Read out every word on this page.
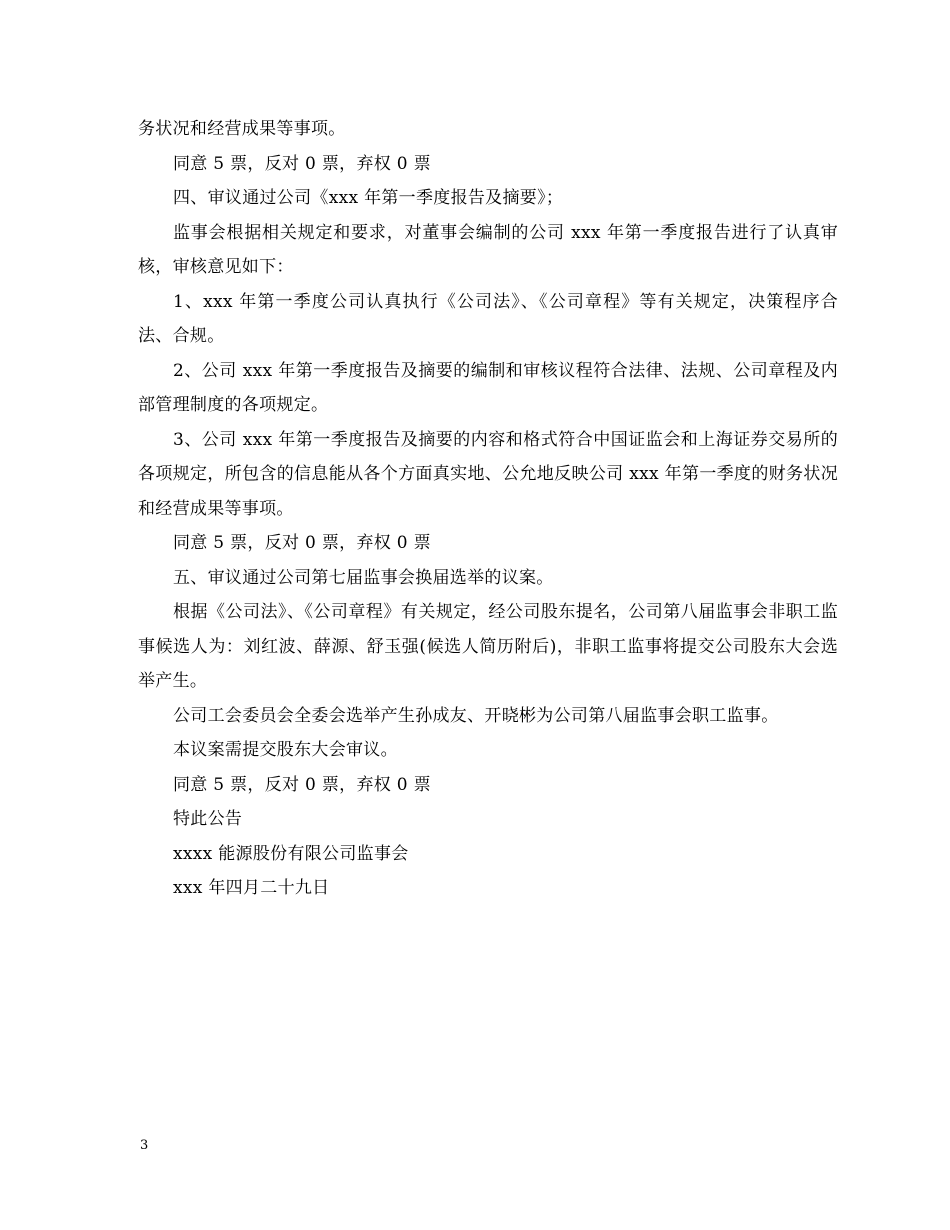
务状况和经营成果等事项。

同意 5 票，反对 0 票，弃权 0 票

四、审议通过公司《xxx 年第一季度报告及摘要》；

监事会根据相关规定和要求，对董事会编制的公司 xxx 年第一季度报告进行了认真审核，审核意见如下：

1、xxx 年第一季度公司认真执行《公司法》、《公司章程》等有关规定，决策程序合法、合规。

2、公司 xxx 年第一季度报告及摘要的编制和审核议程符合法律、法规、公司章程及内部管理制度的各项规定。

3、公司 xxx 年第一季度报告及摘要的内容和格式符合中国证监会和上海证券交易所的各项规定，所包含的信息能从各个方面真实地、公允地反映公司 xxx 年第一季度的财务状况和经营成果等事项。

同意 5 票，反对 0 票，弃权 0 票

五、审议通过公司第七届监事会换届选举的议案。

根据《公司法》、《公司章程》有关规定，经公司股东提名，公司第八届监事会非职工监事候选人为：刘红波、薛源、舒玉强(候选人简历附后)，非职工监事将提交公司股东大会选举产生。

公司工会委员会全委会选举产生孙成友、开晓彬为公司第八届监事会职工监事。

本议案需提交股东大会审议。

同意 5 票，反对 0 票，弃权 0 票

特此公告

xxxx 能源股份有限公司监事会

xxx 年四月二十九日

3
